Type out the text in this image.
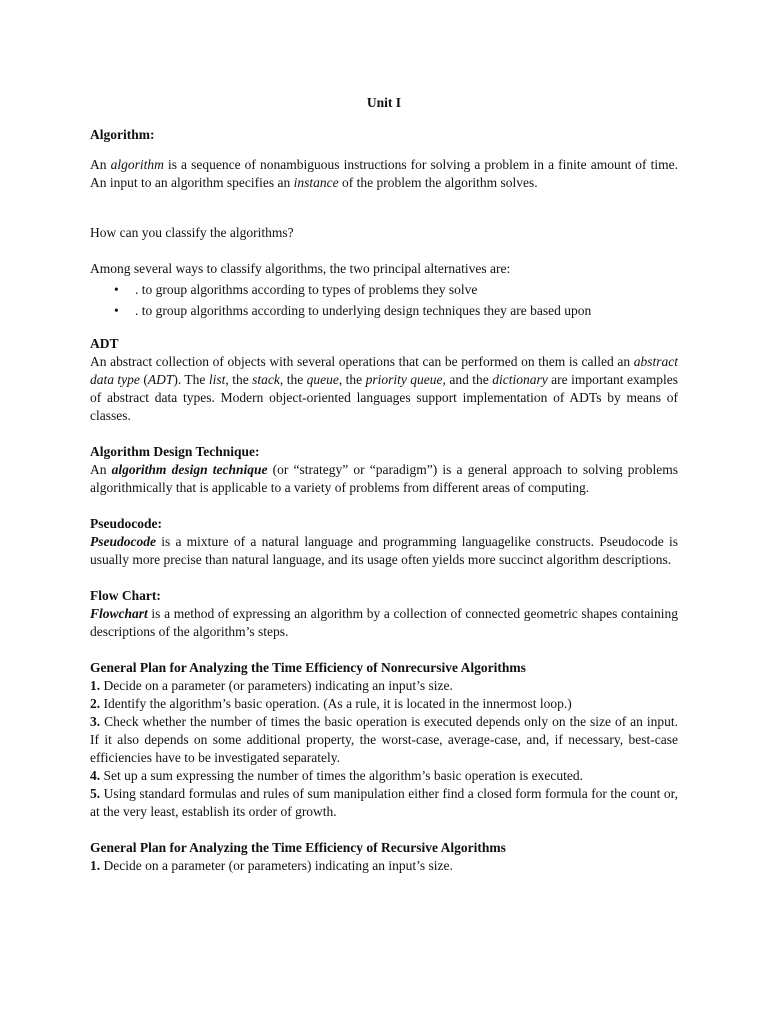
Unit I
Algorithm:

An algorithm is a sequence of nonambiguous instructions for solving a problem in a finite amount of time. An input to an algorithm specifies an instance of the problem the algorithm solves.

How can you classify the algorithms?

Among several ways to classify algorithms, the two principal alternatives are:

• . to group algorithms according to types of problems they solve
• . to group algorithms according to underlying design techniques they are based upon
ADT

An abstract collection of objects with several operations that can be performed on them is called an abstract data type (ADT). The list, the stack, the queue, the priority queue, and the dictionary are important examples of abstract data types. Modern object-oriented languages support implementation of ADTs by means of classes.

Algorithm Design Technique:

An algorithm design technique (or “strategy” or “paradigm”) is a general approach to solving problems algorithmically that is applicable to a variety of problems from different areas of computing.

Pseudocode:

Pseudocode is a mixture of a natural language and programming languagelike constructs. Pseudocode is usually more precise than natural language, and its usage often yields more succinct algorithm descriptions.

Flow Chart:

Flowchart is a method of expressing an algorithm by a collection of connected geometric shapes containing descriptions of the algorithm’s steps.

General Plan for Analyzing the Time Efficiency of Nonrecursive Algorithms

1. Decide on a parameter (or parameters) indicating an input’s size.

2. Identify the algorithm’s basic operation. (As a rule, it is located in the innermost loop.)

3. Check whether the number of times the basic operation is executed depends only on the size of an input. If it also depends on some additional property, the worst-case, average-case, and, if necessary, best-case efficiencies have to be investigated separately.

4. Set up a sum expressing the number of times the algorithm’s basic operation is executed.

5. Using standard formulas and rules of sum manipulation either find a closed form formula for the count or, at the very least, establish its order of growth.

General Plan for Analyzing the Time Efficiency of Recursive Algorithms

1. Decide on a parameter (or parameters) indicating an input’s size.
